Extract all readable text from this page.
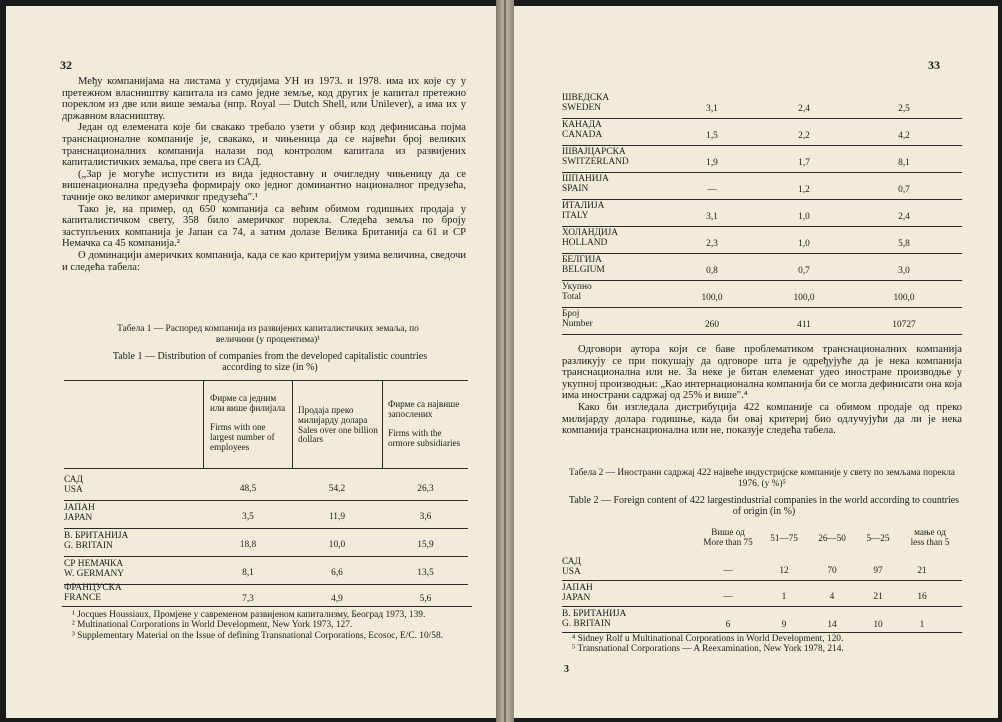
32

Међу компанијама на листама у студијама УН из 1973. и 1978. има их које су у претежном власништву капитала из само једне земље, код других је капитал претежно пореклом из две или више земаља (нпр. Royal — Dutch Shell, или Unilever), а има их у државном власништву.

Један од елемената које би свакако требало узети у обзир код дефинисања појма транснационалне компаније је, свакако, и чињеница да се највећи број великих транснационалних компанија налази под контролом капитала из развијених капиталистичких земаља, пре свега из САД.

(„Зар је могуће испустити из вида једноставну и очигледну чињеницу да се вишенационална предузећа формирају око једног доминантно националног предузећа, тачније око великог америчког предузећа".¹

Тако је, на пример, од 650 компанија са већим обимом годишњих продаја у капиталистичком свету, 358 било америчког порекла. Следећа земља по броју заступљених компанија је Јапан са 74, а затим долазе Велика Британија са 61 и СР Немачка са 45 компанија.²

О доминацији америчких компанија, када се као критеријум узима величина, сведочи и следећа табела:

Табела 1 — Распоред компанија из развијених капиталистичких земаља, по величини (у процентима)¹
Table 1 — Distribution of companies from the developed capitalistic countries according to size (in %)
Фирме са једним или више филијала

Firms with one largest number of employees
Продаја преко милијарду долара
Sales over one billion dollars
Фирме са највише запослених

Firms with the ormore subsidiaries
САД
USA	48,5	54,2	26,3
ЈАПАН
JAPAN	3,5	11,9	3,6
В. БРИТАНИЈА
G. BRITAIN	18,8	10,0	15,9
СР НЕМАЧКА
W. GERMANY	8,1	6,6	13,5
ФРАНЦУСКА
FRANCE	7,3	4,9	5,6
¹ Jocques Houssiaux, Промјене у савременом развијеном капитализму, Београд 1973, 139.
² Multinational Corporations in World Development, New York 1973, 127.
³ Supplementary Material on the Issue of defining Transnational Corporations, Ecosoc, E/C. 10/58.
33
ШВЕДСКА
SWEDEN	3,1	2,4	2,5
КАНАДА
CANADA	1,5	2,2	4,2
ШВАЈЦАРСКА
SWITZERLAND	1,9	1,7	8,1
ШПАНИЈА
SPAIN	—	1,2	0,7
ИТАЛИЈА
ITALY	3,1	1,0	2,4
ХОЛАНДИЈА
HOLLAND	2,3	1,0	5,8
БЕЛГИЈА
BELGIUM	0,8	0,7	3,0
Укупно
Total	100,0	100,0	100,0
Број
Number	260	411	10727

Одговори аутора који се баве проблематиком транснационалних компанија разликују се при покушају да одговоре шта је одређујуће да је нека компанија транснационална или не. За неке је битан елеменат удео иностране производње у укупној производњи: „Као интернационална компанија би се могла дефинисати она која има инострани садржај од 25% и више".⁴

Како би изгледала дистрибуција 422 компаније са обимом продаје од преко милијарду долара годишње, када би овај критериј био одлучујући да ли је нека компанија транснационална или не, показује следећа табела.

Табела 2 — Инострани садржај 422 највеће индустријске компаније у свету по земљама порекла 1976. (у %)⁵
Table 2 — Foreign content of 422 largestindustrial companies in the world according to countries of origin (in %)
Више од
More than 75	51—75	26—50	5—25
мање од
less than 5
САД
USA	—	12	70	97	21
ЈАПАН
JAPAN	—	1	4	21	16
В. БРИТАНИЈА
G. BRITAIN	6	9	14	10	1
⁴ Sidney Rolf u Multinational Corporations in World Development, 120.
⁵ Transnational Corporations — A Reexamination, New York 1978, 214.
3
